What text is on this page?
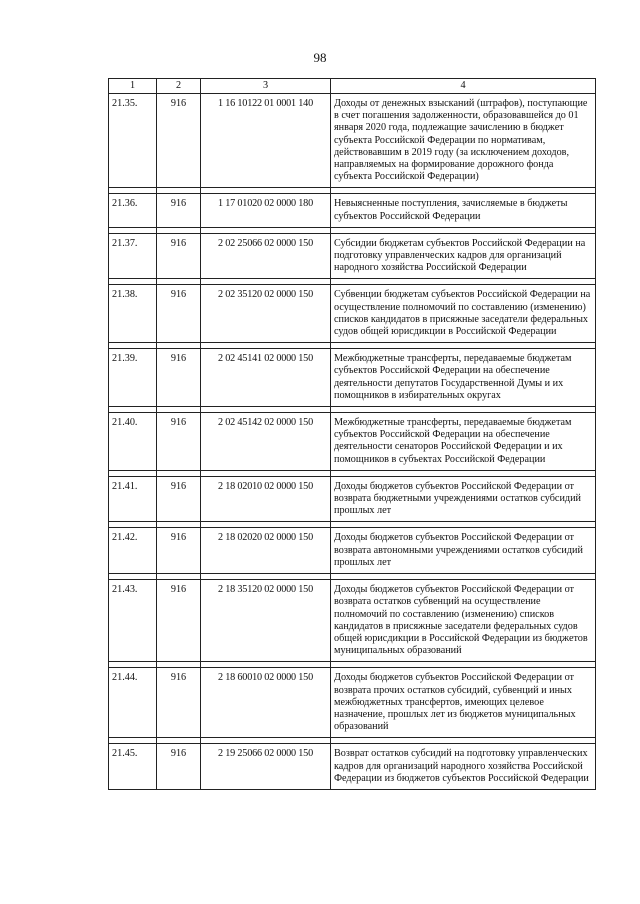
98
1	2	3	4
21.35.	916	1 16 10122 01 0001 140	Доходы от денежных взысканий (штрафов), поступающие в счет погашения задолженности, образовавшейся до 01 января 2020 года, подлежащие зачислению в бюджет субъекта Российской Федерации по нормативам, действовавшим в 2019 году (за исключением доходов, направляемых на формирование дорожного фонда субъекта Российской Федерации)

21.36.	916	1 17 01020 02 0000 180	Невыясненные поступления, зачисляемые в бюджеты субъектов Российской Федерации

21.37.	916	2 02 25066 02 0000 150	Субсидии бюджетам субъектов Российской Федерации на подготовку управленческих кадров для организаций народного хозяйства Российской Федерации

21.38.	916	2 02 35120 02 0000 150	Субвенции бюджетам субъектов Российской Федерации на осуществление полномочий по составлению (изменению) списков кандидатов в присяжные заседатели федеральных судов общей юрисдикции в Российской Федерации

21.39.	916	2 02 45141 02 0000 150	Межбюджетные трансферты, передаваемые бюджетам субъектов Российской Федерации на обеспечение деятельности депутатов Государственной Думы и их помощников в избирательных округах

21.40.	916	2 02 45142 02 0000 150	Межбюджетные трансферты, передаваемые бюджетам субъектов Российской Федерации на обеспечение деятельности сенаторов Российской Федерации и их помощников в субъектах Российской Федерации

21.41.	916	2 18 02010 02 0000 150	Доходы бюджетов субъектов Российской Федерации от возврата бюджетными учреждениями остатков субсидий прошлых лет

21.42.	916	2 18 02020 02 0000 150	Доходы бюджетов субъектов Российской Федерации от возврата автономными учреждениями остатков субсидий прошлых лет

21.43.	916	2 18 35120 02 0000 150	Доходы бюджетов субъектов Российской Федерации от возврата остатков субвенций на осуществление полномочий по составлению (изменению) списков кандидатов в присяжные заседатели федеральных судов общей юрисдикции в Российской Федерации из бюджетов муниципальных образований

21.44.	916	2 18 60010 02 0000 150	Доходы бюджетов субъектов Российской Федерации от возврата прочих остатков субсидий, субвенций и иных межбюджетных трансфертов, имеющих целевое назначение, прошлых лет из бюджетов муниципальных образований

21.45.	916	2 19 25066 02 0000 150	Возврат остатков субсидий на подготовку управленческих кадров для организаций народного хозяйства Российской Федерации из бюджетов субъектов Российской Федерации
